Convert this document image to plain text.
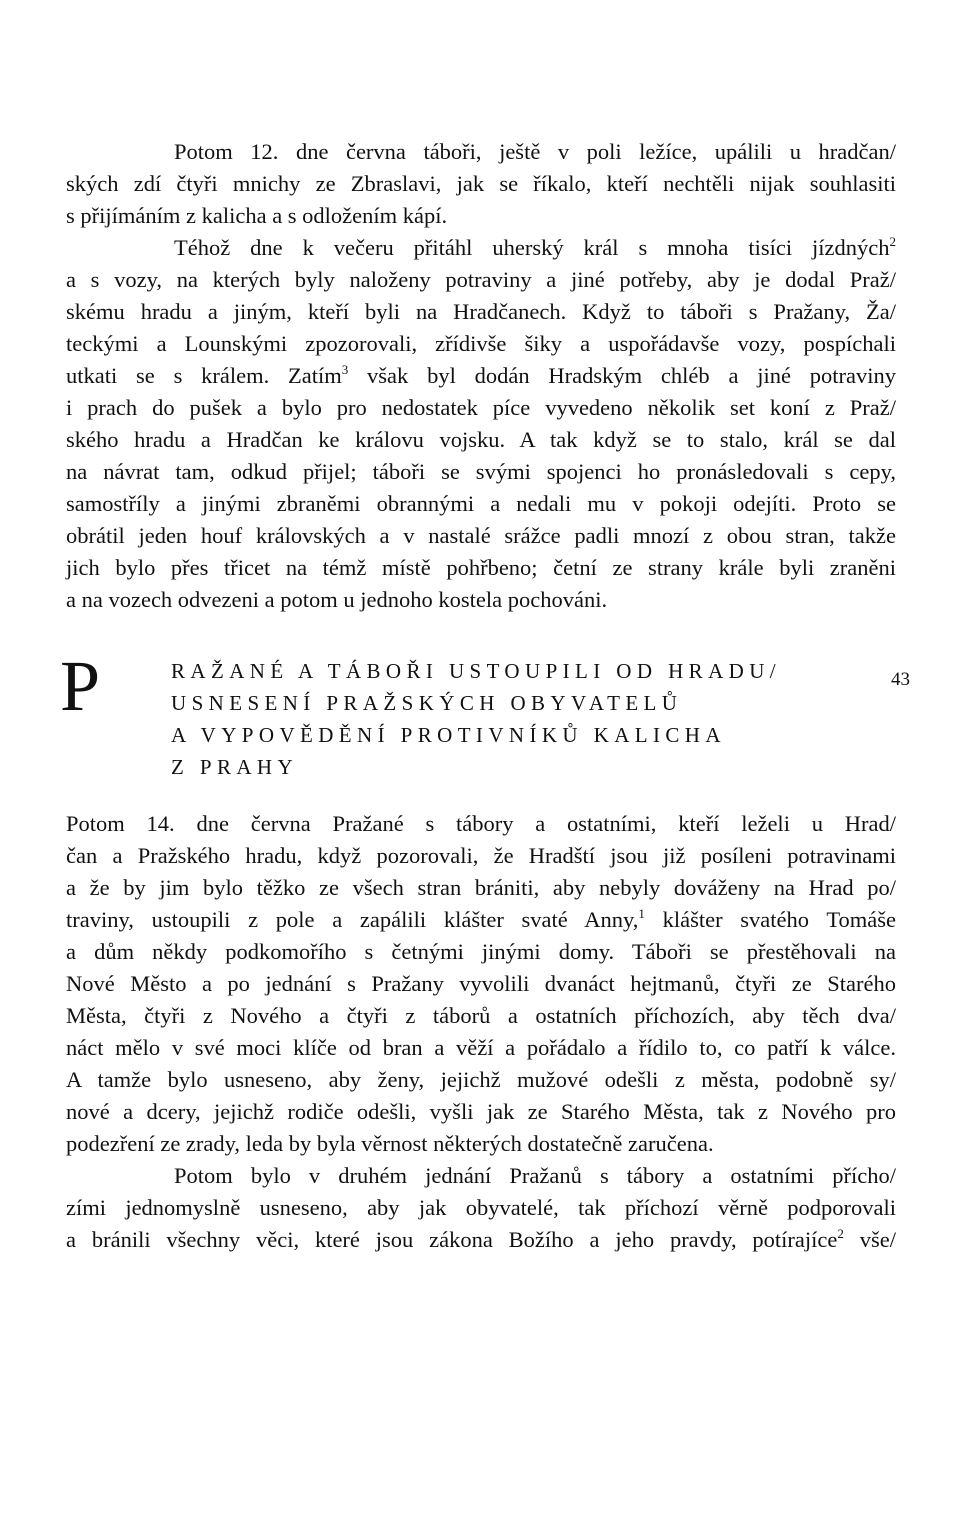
Potom 12. dne června táboři, ještě v poli ležíce, upálili u hradčan/
ských zdí čtyři mnichy ze Zbraslavi, jak se říkalo, kteří nechtěli nijak souhlasiti
s přijímáním z kalicha a s odložením kápí.
Téhož dne k večeru přitáhl uherský král s mnoha tisíci jízdných$^2$
a s vozy, na kterých byly naloženy potraviny a jiné potřeby, aby je dodal Praž/
skému hradu a jiným, kteří byli na Hradčanech. Když to táboři s Pražany, Ža/
teckými a Lounskými zpozorovali, zřídivše šiky a uspořádavše vozy, pospíchali
utkati se s králem. Zatím$^3$ však byl dodán Hradským chléb a jiné potraviny
i prach do pušek a bylo pro nedostatek píce vyvedeno několik set koní z Praž/
ského hradu a Hradčan ke královu vojsku. A tak když se to stalo, král se dal
na návrat tam, odkud přijel; táboři se svými spojenci ho pronásledovali s cepy,
samostříly a jinými zbraněmi obrannými a nedali mu v pokoji odejíti. Proto se
obrátil jeden houf královských a v nastalé srážce padli mnozí z obou stran, takže
jich bylo přes třicet na témž místě pohřbeno; četní ze strany krále byli zraněni
a na vozech odvezeni a potom u jednoho kostela pochováni.
P	RAŽANÉ A TÁBOŘI USTOUPILI OD HRADU/
USNESENÍ PRAŽSKÝCH OBYVATELŮ
A VYPOVĚDĚNÍ PROTIVNÍKŮ KALICHA
Z PRAHY
43
Potom 14. dne června Pražané s tábory a ostatními, kteří leželi u Hrad/
čan a Pražského hradu, když pozorovali, že Hradští jsou již posíleni potravinami
a že by jim bylo těžko ze všech stran brániti, aby nebyly dováženy na Hrad po/
traviny, ustoupili z pole a zapálili klášter svaté Anny,$^1$ klášter svatého Tomáše
a dům někdy podkomořího s četnými jinými domy. Táboři se přestěhovali na
Nové Město a po jednání s Pražany vyvolili dvanáct hejtmanů, čtyři ze Starého
Města, čtyři z Nového a čtyři z táborů a ostatních příchozích, aby těch dva/
náct mělo v své moci klíče od bran a věží a pořádalo a řídilo to, co patří k válce.
A tamže bylo usneseno, aby ženy, jejichž mužové odešli z města, podobně sy/
nové a dcery, jejichž rodiče odešli, vyšli jak ze Starého Města, tak z Nového pro
podezření ze zrady, leda by byla věrnost některých dostatečně zaručena.
Potom bylo v druhém jednání Pražanů s tábory a ostatními přícho/
zími jednomyslně usneseno, aby jak obyvatelé, tak příchozí věrně podporovali
a bránili všechny věci, které jsou zákona Božího a jeho pravdy, potírajíce$^2$ vše/
